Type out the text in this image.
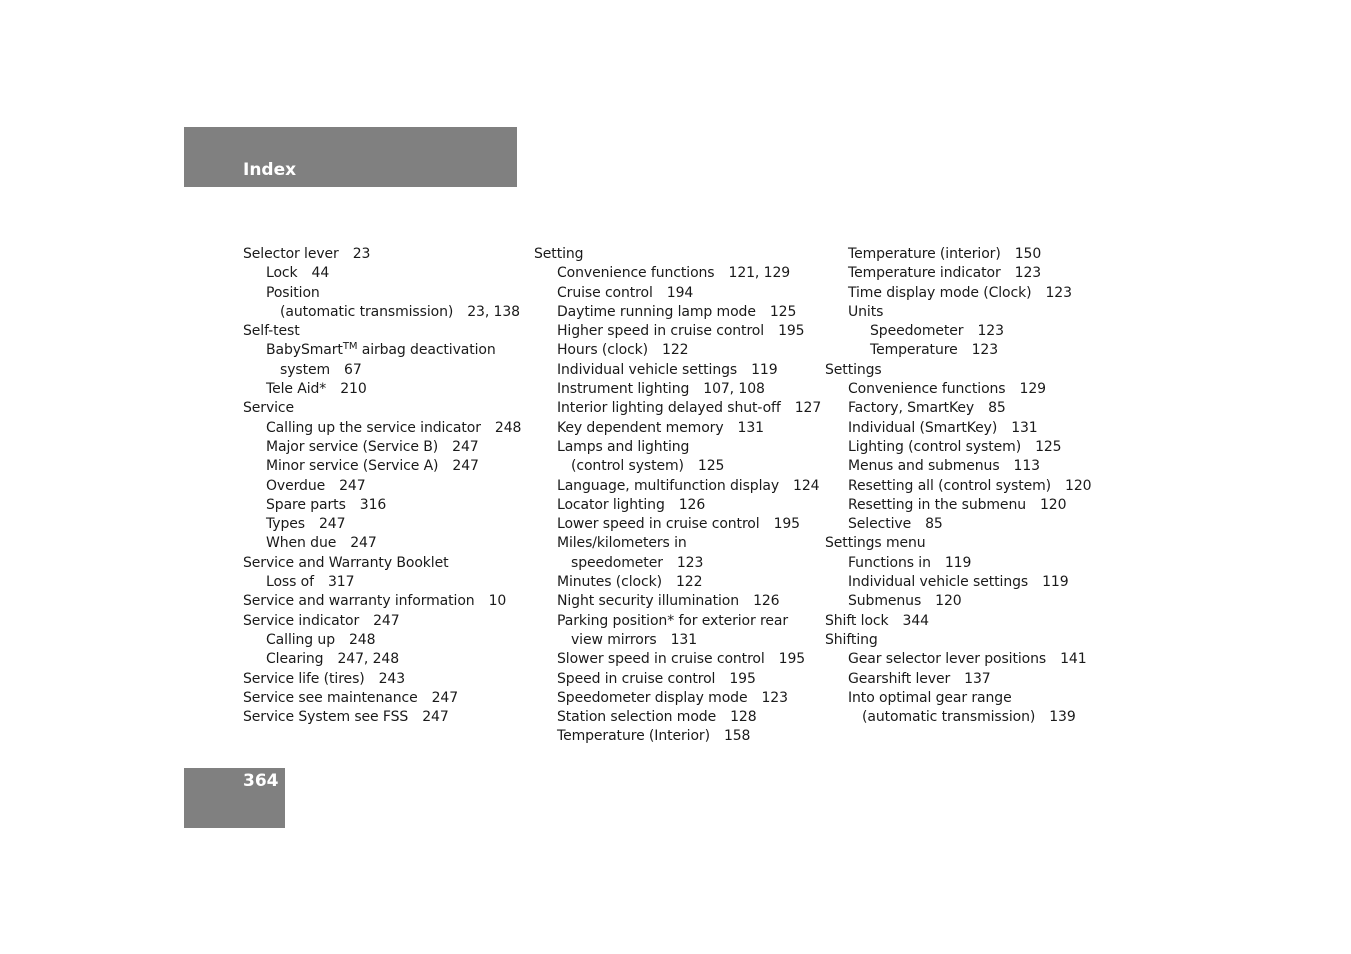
Index
Selector lever 23
Lock 44
Position
(automatic transmission) 23, 138
Self-test
BabySmart™ airbag deactivation
system 67
Tele Aid* 210
Service
Calling up the service indicator 248
Major service (Service B) 247
Minor service (Service A) 247
Overdue 247
Spare parts 316
Types 247
When due 247
Service and Warranty Booklet
Loss of 317
Service and warranty information 10
Service indicator 247
Calling up 248
Clearing 247, 248
Service life (tires) 243
Service see maintenance 247
Service System see FSS 247
Setting
Convenience functions 121, 129
Cruise control 194
Daytime running lamp mode 125
Higher speed in cruise control 195
Hours (clock) 122
Individual vehicle settings 119
Instrument lighting 107, 108
Interior lighting delayed shut-off 127
Key dependent memory 131
Lamps and lighting
(control system) 125
Language, multifunction display 124
Locator lighting 126
Lower speed in cruise control 195
Miles/kilometers in
speedometer 123
Minutes (clock) 122
Night security illumination 126
Parking position* for exterior rear
view mirrors 131
Slower speed in cruise control 195
Speed in cruise control 195
Speedometer display mode 123
Station selection mode 128
Temperature (Interior) 158
Temperature (interior) 150
Temperature indicator 123
Time display mode (Clock) 123
Units
Speedometer 123
Temperature 123
Settings
Convenience functions 129
Factory, SmartKey 85
Individual (SmartKey) 131
Lighting (control system) 125
Menus and submenus 113
Resetting all (control system) 120
Resetting in the submenu 120
Selective 85
Settings menu
Functions in 119
Individual vehicle settings 119
Submenus 120
Shift lock 344
Shifting
Gear selector lever positions 141
Gearshift lever 137
Into optimal gear range
(automatic transmission) 139
364
